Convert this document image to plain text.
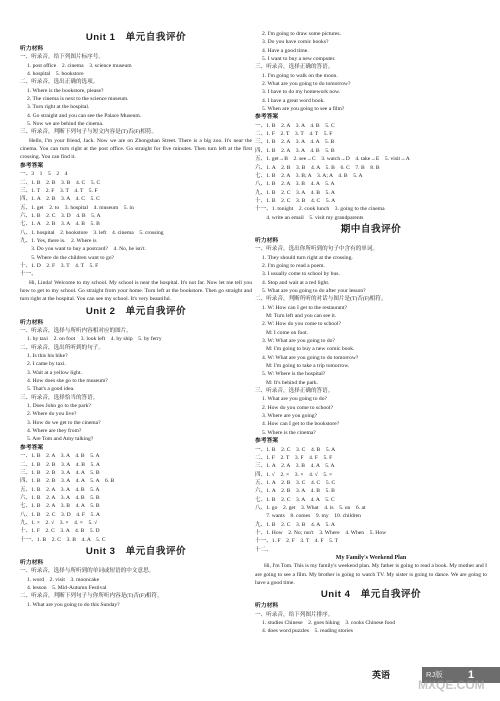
Unit 1　单元自我评价
听力材料
一、听录音，给下列图片标序号。
1. post office　2. cinema　3. science museum
4. hospital　5. bookstore
二、听录音，选出正确的选项。
1. Where is the bookstore, please?
2. The cinema is next to the science museum.
3. Turn right at the hospital.
4. Go straight and you can see the Palace Museum.
5. Now we are behind the cinema.
三、听录音，判断下列句子与短文内容是(T)否(F)相符。
Hello, I'm your friend, Jack. Now we are on Zhongshan Street. There is a big zoo. It's near the cinema. You can turn right at the post office. Go straight for five minutes. Then turn left at the first crossing. You can find it.
参考答案
一、3　1　5　2　4
二、1. B　2. B　3. B　4. C　5. C
三、1. T　2. F　3. T　4. T　5. F
四、1. A　2. B　3. A　4. C　5. C
五、1. get　2. to　3. hospital　4. museum　5. in
六、1. B　2. C　3. D　4. B　5. A
七、1. A　2. B　3. A　4. B　5. B
八、1. hospital　2. bookstore　3. left　4. cinema　5. crossing
九、1. Yes, there is.　2. Where is
　　3. Do you want to buy a postcard?　4. No, he isn't.
　　5. Where do the children want to go?
十、1. D　2. F　3. T　4. T　5. F
十一、
Hi, Linda! Welcome to my school. My school is near the hospital. It's not far. Now let me tell you how to get to my school. Go straight from your home. Turn left at the bookstore. Then go straight and turn right at the hospital. You can see my school. It's very beautiful.
Unit 2　单元自我评价
听力材料
一、听录音，选择与所听内容相对应的图片。
1. by taxi　2. on foot　3. look left　4. by ship　5. by ferry
二、听录音，选出所听到的句子。
1. Is this his bike?
2. I came by taxi.
3. Wait at a yellow light.
4. How does she go to the museum?
5. That's a good idea.
三、听录音，选择恰当的答语。
1. Does John go to the park?
2. Where do you live?
3. How do we get to the cinema?
4. Where are they from?
5. Are Tom and Amy talking?
参考答案
一、1. B　2. A　3. A　4. B　5. A
二、1. B　2. B　3. A　4. B　5. A
三、1. B　2. B　3. A　4. A　5. B
四、1. B　2. B　3. A　4. A　5. A　6. B
五、1. B　2. A　3. A　4. B　5. A
六、1. B　2. A　3. A　4. B　5. B
七、1. B　2. A　3. B　4. A　5. B
八、1. B　2. C　3. D　4. F　5. A
九、1. ×　2. √　3. ×　4. ×　5. √
十、1. F　2. C　3. A　4. B　5. D
十一、1. B　2. C　3. B　4. A　5. C
Unit 3　单元自我评价
听力材料
一、听录音，选择与所听到的单词或短语的中文意思。
1. word　2. visit　3. mooncake
4. lesson　5. Mid-Autumn Festival
二、听录音，判断下列句子与你所听内容是(T)否(F)相符。
1. What are you going to do this Sunday?
2. I'm going to draw some pictures.
3. Do you have comic books?
4. Have a good time.
5. I want to buy a new computer.
三、听录音，选择正确的答语。
1. I'm going to walk on the moon.
2. What are you going to do tomorrow?
3. I have to do my homework now.
4. I have a great word book.
5. When are you going to see a film?
参考答案
一、1. B　2. A　3. A　4. B　5. C
二、1. F　2. T　3. T　4. T　5. F
三、1. B　2. A　3. A　4. A　5. B
四、1. B　2. A　3. A　4. B　5. B
五、1. get→B　2. see→C　3. watch→D　4. take→E　5. visit→A
六、1. A　2. B　3. B　4. A　5. B　6. C　7. B　8. B
七、1. B　2. A　3. B; A　3. A; A　4. B　5. A
八、1. B　2. A　3. B　4. A　5. A
九、1. B　2. C　3. A　4. B　5. A
十、1. B　2. C　3. B　4. C　5. A
十一、1. tonight　2. cook lunch　3. going to the cinema
　　4. write an email　5. visit my grandparents
期中自我评价
听力材料
一、听录音，选出你所听到的句子中含有的单词。
1. They should turn right at the crossing.
2. I'm going to read a poem.
3. I usually come to school by bus.
4. Stop and wait at a red light.
5. What are you going to do after your lesson?
二、听录音，判断所听的对话与图片是(T)否(F)相符。
1. W: How can I get to the restaurant?
M: Turn left and you can see it.
2. W: How do you come to school?
M: I come on foot.
3. W: What are you going to do?
M: I'm going to buy a new comic book.
4. W: What are you going to do tomorrow?
M: I'm going to take a trip tomorrow.
5. W: Where is the hospital?
M: It's behind the park.
三、听录音，选择正确的答语。
1. What are you going to do?
2. How do you come to school?
3. Where are you going?
4. How can I get to the bookstore?
5. Where is the cinema?
参考答案
一、1. B　2. C　3. C　4. B　5. A
二、1. F　2. T　3. F　4. F　5. F
三、1. A　2. A　3. B　4. A　5. A
四、1. √　2. ×　3. ×　4. √　5. ×
五、1. A　2. B　3. C　4. C　5. C
六、1. A　2. B　3. A　4. B　5. B
七、1. B　2. C　3. A　4. A　5. C
八、1. go　2. get　3. What　4. is　5. on　6. at
　　7. wants　8. comes　9. my　10. children
九、1. B　2. C　3. B　4. A　5. A
十、1. How　2. No; run't　3. Where　4. When　5. How
十一、1. F　2. F　3. T　4. F　5. T
十二、
My Family's Weekend Plan
Hi, I'm Tom. This is my family's weekend plan. My father is going to read a book. My mother and I are going to see a film. My brother is going to watch TV. My sister is going to dance. We are going to have a good time.
Unit 4　单元自我评价
听力材料
一、听录音，给下列图片排序。
1. studies Chinese　2. goes hiking　3. cooks Chinese food
4. does word puzzles　5. reading stories
英语	RJ版 1
MXQE.COM
